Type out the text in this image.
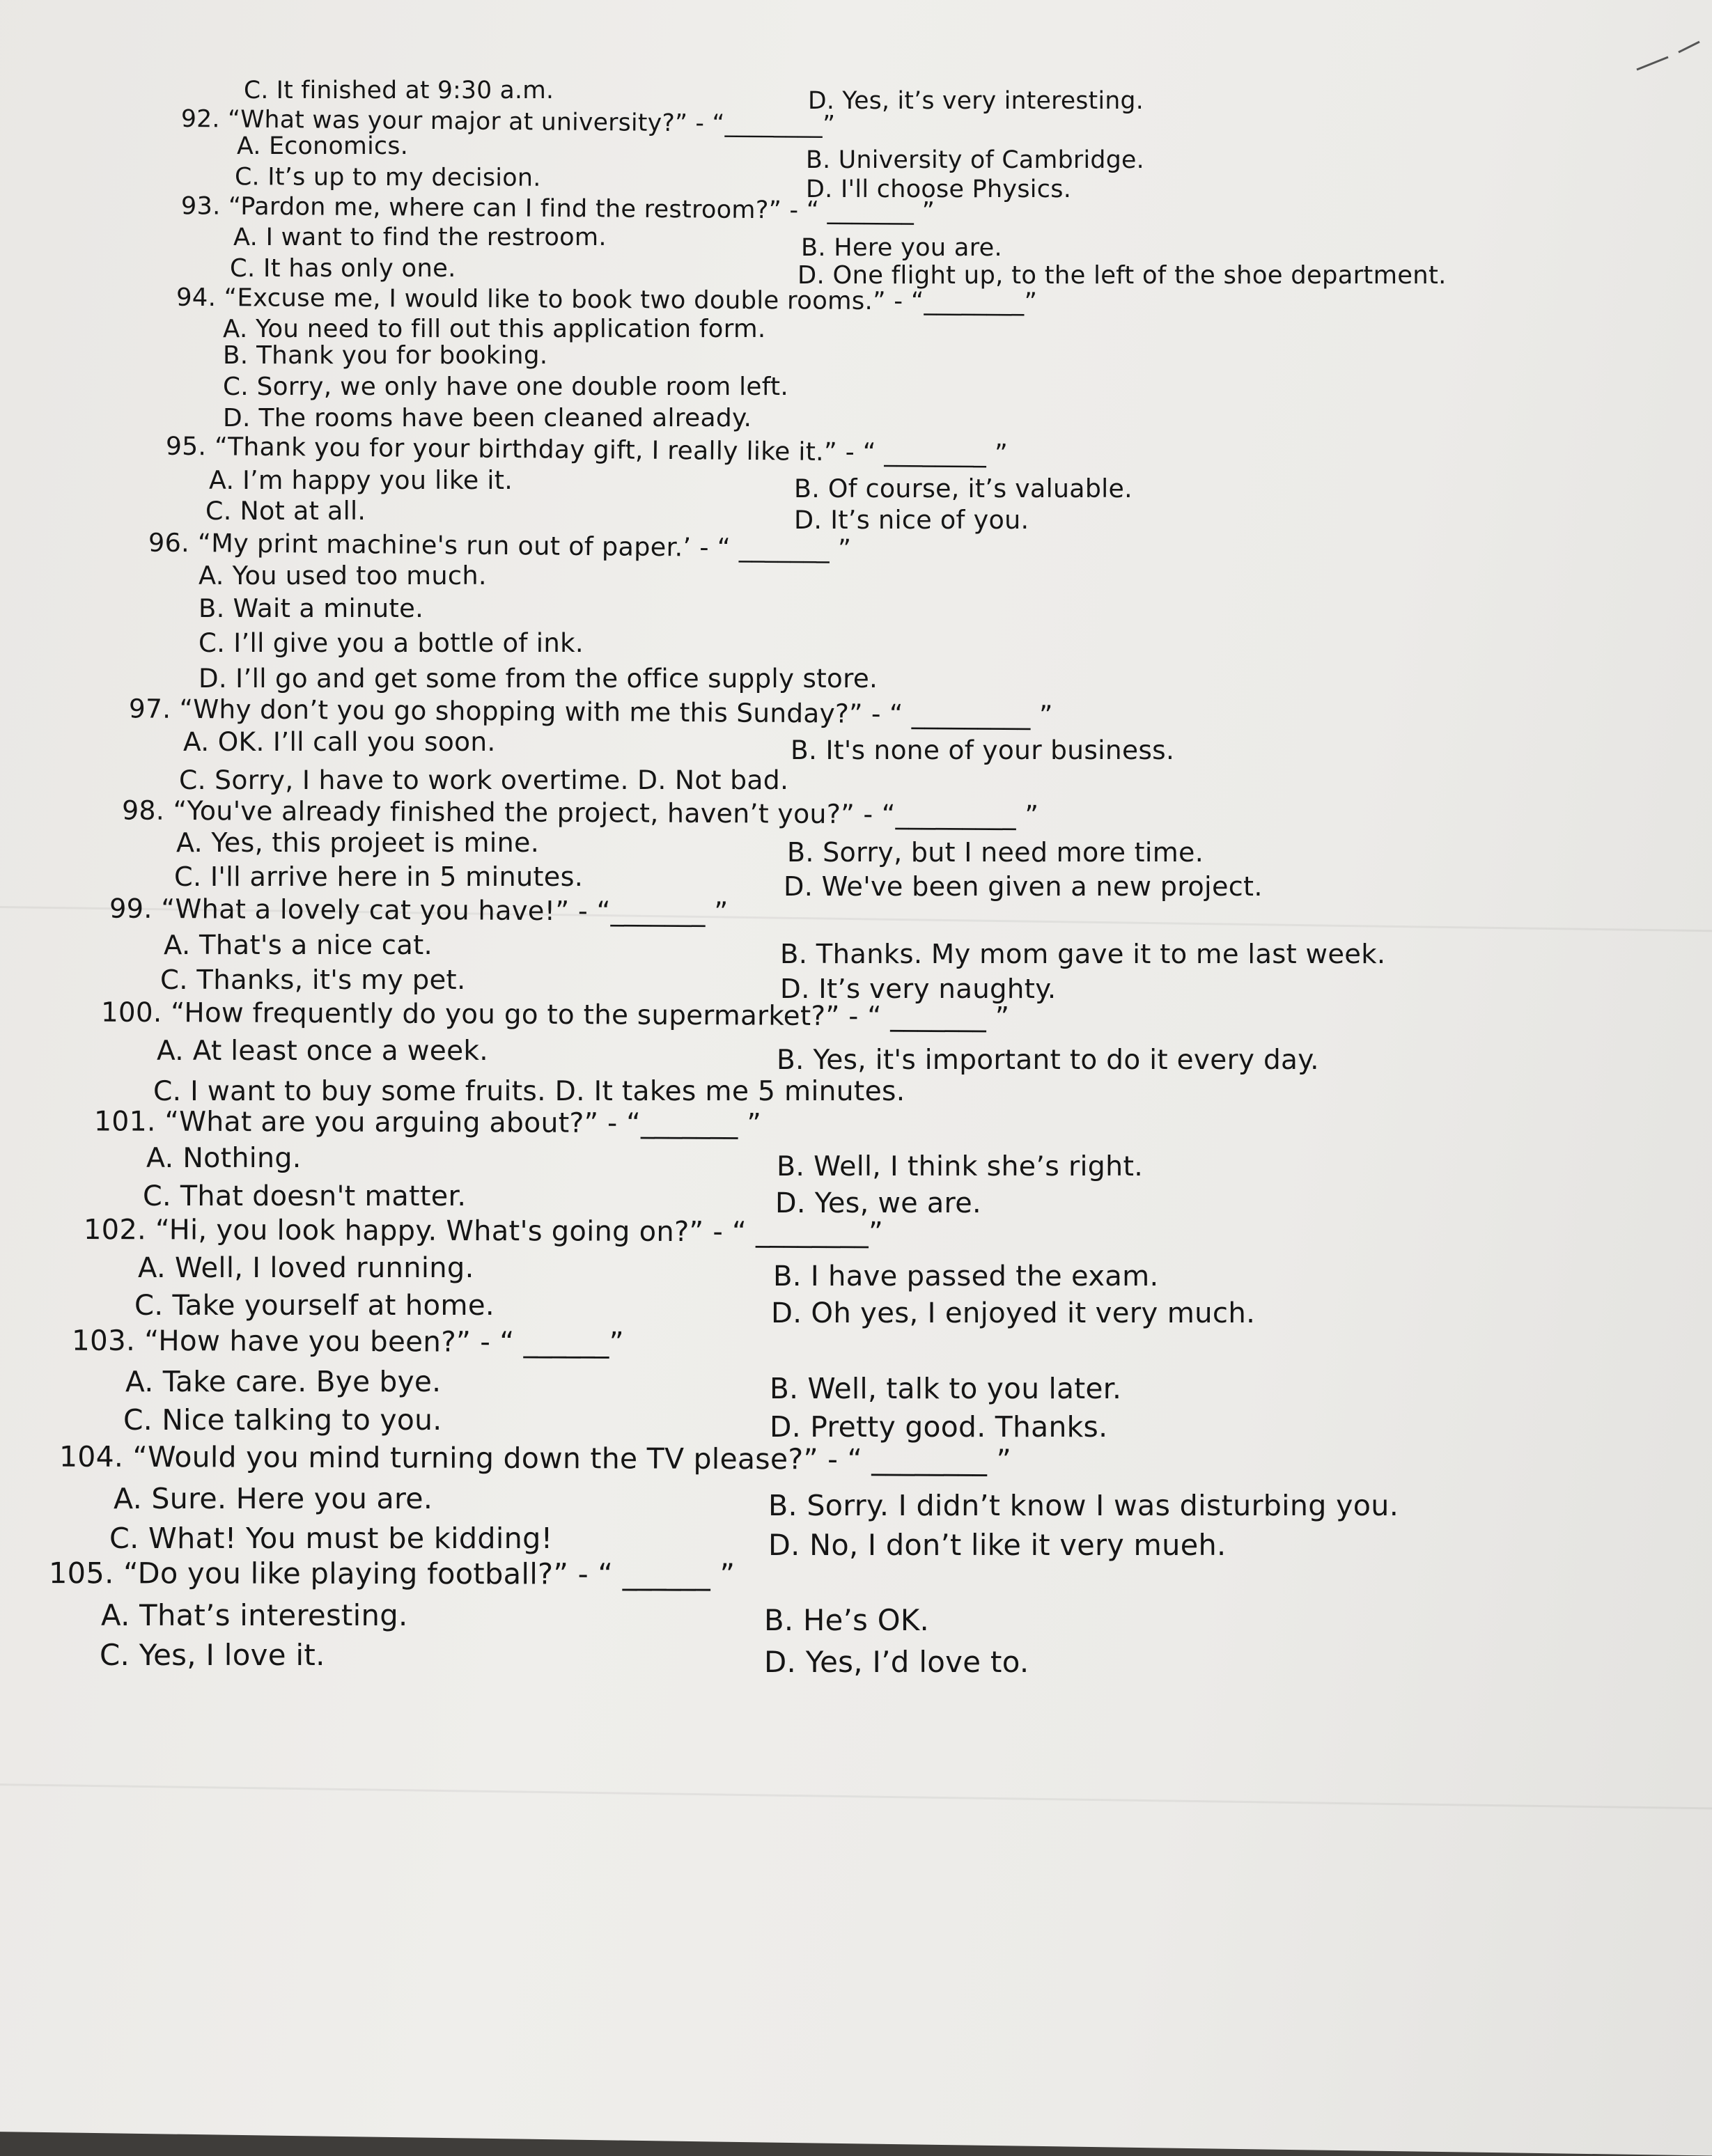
C. It finished at 9:30 a.m.	D. Yes, it’s very interesting.
92. “What was your major at university?” - “________”
A. Economics.	B. University of Cambridge.
C. It’s up to my decision.	D. I'll choose Physics.
93. “Pardon me, where can I find the restroom?” - “ _______ ”
A. I want to find the restroom.	B. Here you are.
C. It has only one.	D. One flight up, to the left of the shoe department.
94. “Excuse me, I would like to book two double rooms.” - “________”
A. You need to fill out this application form.
B. Thank you for booking.
C. Sorry, we only have one double room left.
D. The rooms have been cleaned already.
95. “Thank you for your birthday gift, I really like it.” - “ ________ ”
A. I’m happy you like it.	B. Of course, it’s valuable.
C. Not at all.	D. It’s nice of you.
96. “My print machine's run out of paper.’ - “ _______ ”
A. You used too much.
B. Wait a minute.
C. I’ll give you a bottle of ink.
D. I’ll go and get some from the office supply store.
97. “Why don’t you go shopping with me this Sunday?” - “ _________ ”
A. OK. I’ll call you soon.	B. It's none of your business.
C. Sorry, I have to work overtime. D. Not bad.
98. “You've already finished the project, haven’t you?” - “_________ ”
A. Yes, this projeet is mine.	B. Sorry, but I need more time.
C. I'll arrive here in 5 minutes.	D. We've been given a new project.
99. “What a lovely cat you have!” - “_______ ”
A. That's a nice cat.	B. Thanks. My mom gave it to me last week.
C. Thanks, it's my pet.	D. It’s very naughty.
100. “How frequently do you go to the supermarket?” - “ _______ ”
A. At least once a week.	B. Yes, it's important to do it every day.
C. I want to buy some fruits. D. It takes me 5 minutes.
101. “What are you arguing about?” - “_______ ”
A. Nothing.	B. Well, I think she’s right.
C. That doesn't matter.	D. Yes, we are.
102. “Hi, you look happy. What's going on?” - “ ________”
A. Well, I loved running.	B. I have passed the exam.
C. Take yourself at home.	D. Oh yes, I enjoyed it very much.
103. “How have you been?” - “ ______”
A. Take care. Bye bye.	B. Well, talk to you later.
C. Nice talking to you.	D. Pretty good. Thanks.
104. “Would you mind turning down the TV please?” - “ ________ ”
A. Sure. Here you are.	B. Sorry. I didn’t know I was disturbing you.
C. What! You must be kidding!	D. No, I don’t like it very mueh.
105. “Do you like playing football?” - “ ______ ”
A. That’s interesting.	B. He’s OK.
C. Yes, I love it.	D. Yes, I’d love to.
